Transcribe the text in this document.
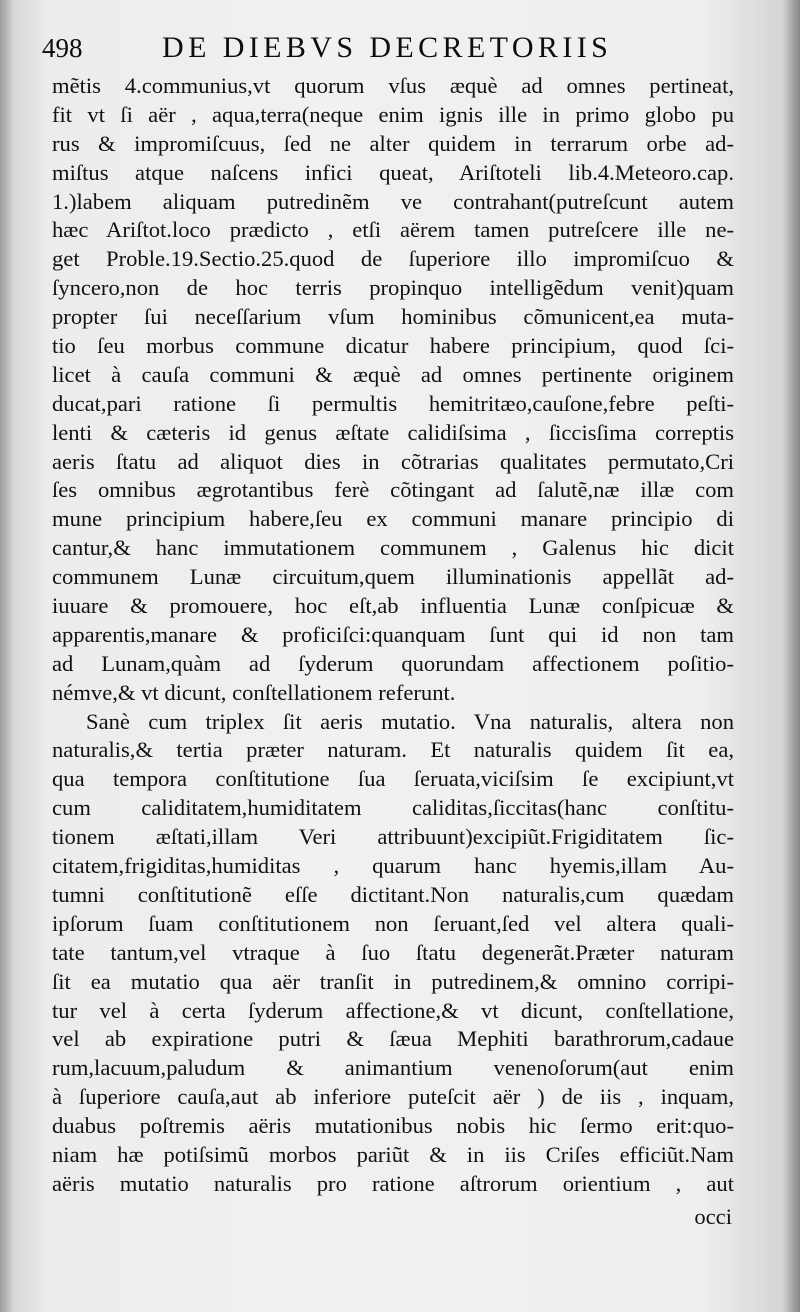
498	DE DIEBVS DECRETORIIS
mẽtis 4.communius,vt quorum vſus æquè ad omnes pertineat,
fit vt ſi aër , aqua,terra(neque enim ignis ille in primo globo pu
rus & impromiſcuus, ſed ne alter quidem in terrarum orbe ad-
miſtus atque naſcens infici queat, Ariſtoteli lib.4.Meteoro.cap.
1.)labem aliquam putredinẽm ve contrahant(putreſcunt autem
hæc Ariſtot.loco prædicto , etſi aërem tamen putreſcere ille ne-
get Proble.19.Sectio.25.quod de ſuperiore illo impromiſcuo &
ſyncero,non de hoc terris propinquo intelligẽdum venit)quam
propter ſui neceſſarium vſum hominibus cõmunicent,ea muta-
tio ſeu morbus commune dicatur habere principium, quod ſci-
licet à cauſa communi & æquè ad omnes pertinente originem
ducat,pari ratione ſi permultis hemitritæo,cauſone,febre peſti-
lenti & cæteris id genus æſtate calidiſsima , ſiccisſima correptis
aeris ſtatu ad aliquot dies in cõtrarias qualitates permutato,Cri
ſes omnibus ægrotantibus ferè cõtingant ad ſalutẽ,næ illæ com
mune principium habere,ſeu ex communi manare principio di
cantur,& hanc immutationem communem , Galenus hic dicit
communem Lunæ circuitum,quem illuminationis appellãt ad-
iuuare & promouere, hoc eſt,ab influentia Lunæ conſpicuæ &
apparentis,manare & proficiſci:quanquam ſunt qui id non tam
ad Lunam,quàm ad ſyderum quorundam affectionem poſitio-
némve,& vt dicunt, conſtellationem referunt.
Sanè cum triplex ſit aeris mutatio. Vna naturalis, altera non
naturalis,& tertia præter naturam. Et naturalis quidem ſit ea,
qua tempora conſtitutione ſua ſeruata,viciſsim ſe excipiunt,vt
cum caliditatem,humiditatem caliditas,ſiccitas(hanc conſtitu-
tionem æſtati,illam Veri attribuunt)excipiũt.Frigiditatem ſic-
citatem,frigiditas,humiditas , quarum hanc hyemis,illam Au-
tumni conſtitutionẽ eſſe dictitant.Non naturalis,cum quædam
ipſorum ſuam conſtitutionem non ſeruant,ſed vel altera quali-
tate tantum,vel vtraque à ſuo ſtatu degenerãt.Præter naturam
ſit ea mutatio qua aër tranſit in putredinem,& omnino corripi-
tur vel à certa ſyderum affectione,& vt dicunt, conſtellatione,
vel ab expiratione putri & ſæua Mephiti barathrorum,cadaue
rum,lacuum,paludum & animantium venenoſorum(aut enim
à ſuperiore cauſa,aut ab inferiore puteſcit aër ) de iis , inquam,
duabus poſtremis aëris mutationibus nobis hic ſermo erit:quo-
niam hæ potiſsimũ morbos pariũt & in iis Criſes efficiũt.Nam
aëris mutatio naturalis pro ratione aſtrorum orientium , aut
occi
